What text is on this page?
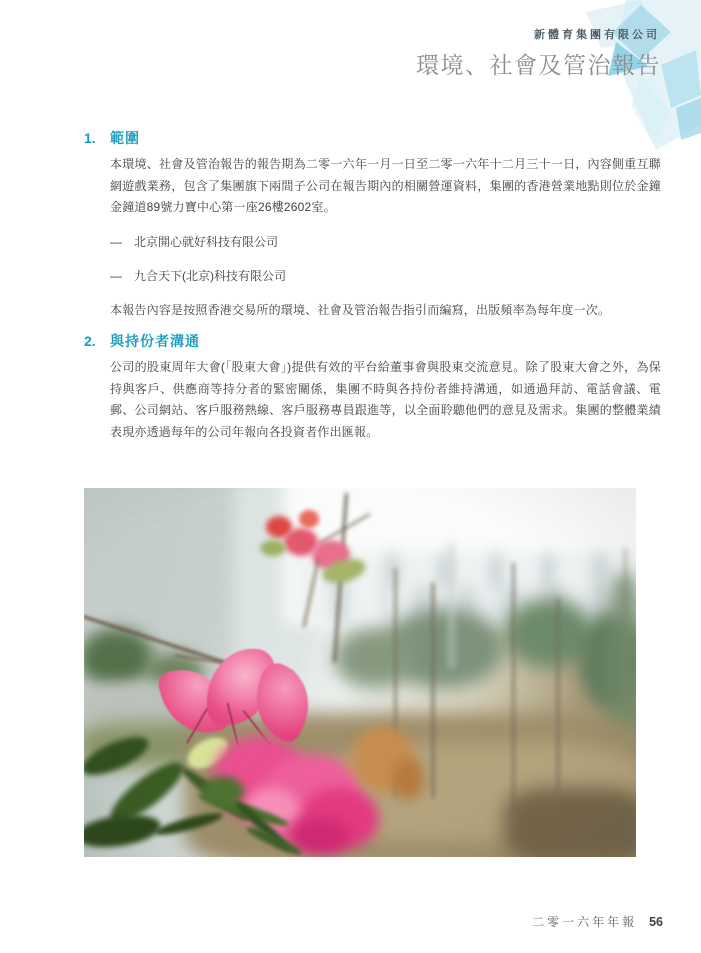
新體育集團有限公司
環境、社會及管治報告
1.	範圍

本環境、社會及管治報告的報告期為二零一六年一月一日至二零一六年十二月三十一日，內容側重互聯網遊戲業務，包含了集團旗下兩間子公司在報告期內的相關營運資料，集團的香港營業地點則位於金鐘金鐘道89號力寶中心第一座26樓2602室。

—	北京開心就好科技有限公司
—	九合天下(北京)科技有限公司

本報告內容是按照香港交易所的環境、社會及管治報告指引而編寫，出版頻率為每年度一次。

2.	與持份者溝通

公司的股東周年大會(「股東大會」)提供有效的平台給董事會與股東交流意見。除了股東大會之外，為保持與客戶、供應商等持分者的緊密關係，集團不時與各持份者維持溝通，如通過拜訪、電話會議、電郵、公司網站、客戶服務熱線、客戶服務專員跟進等，以全面聆聽他們的意見及需求。集團的整體業績表現亦透過每年的公司年報向各投資者作出匯報。

二零一六年年報 56
